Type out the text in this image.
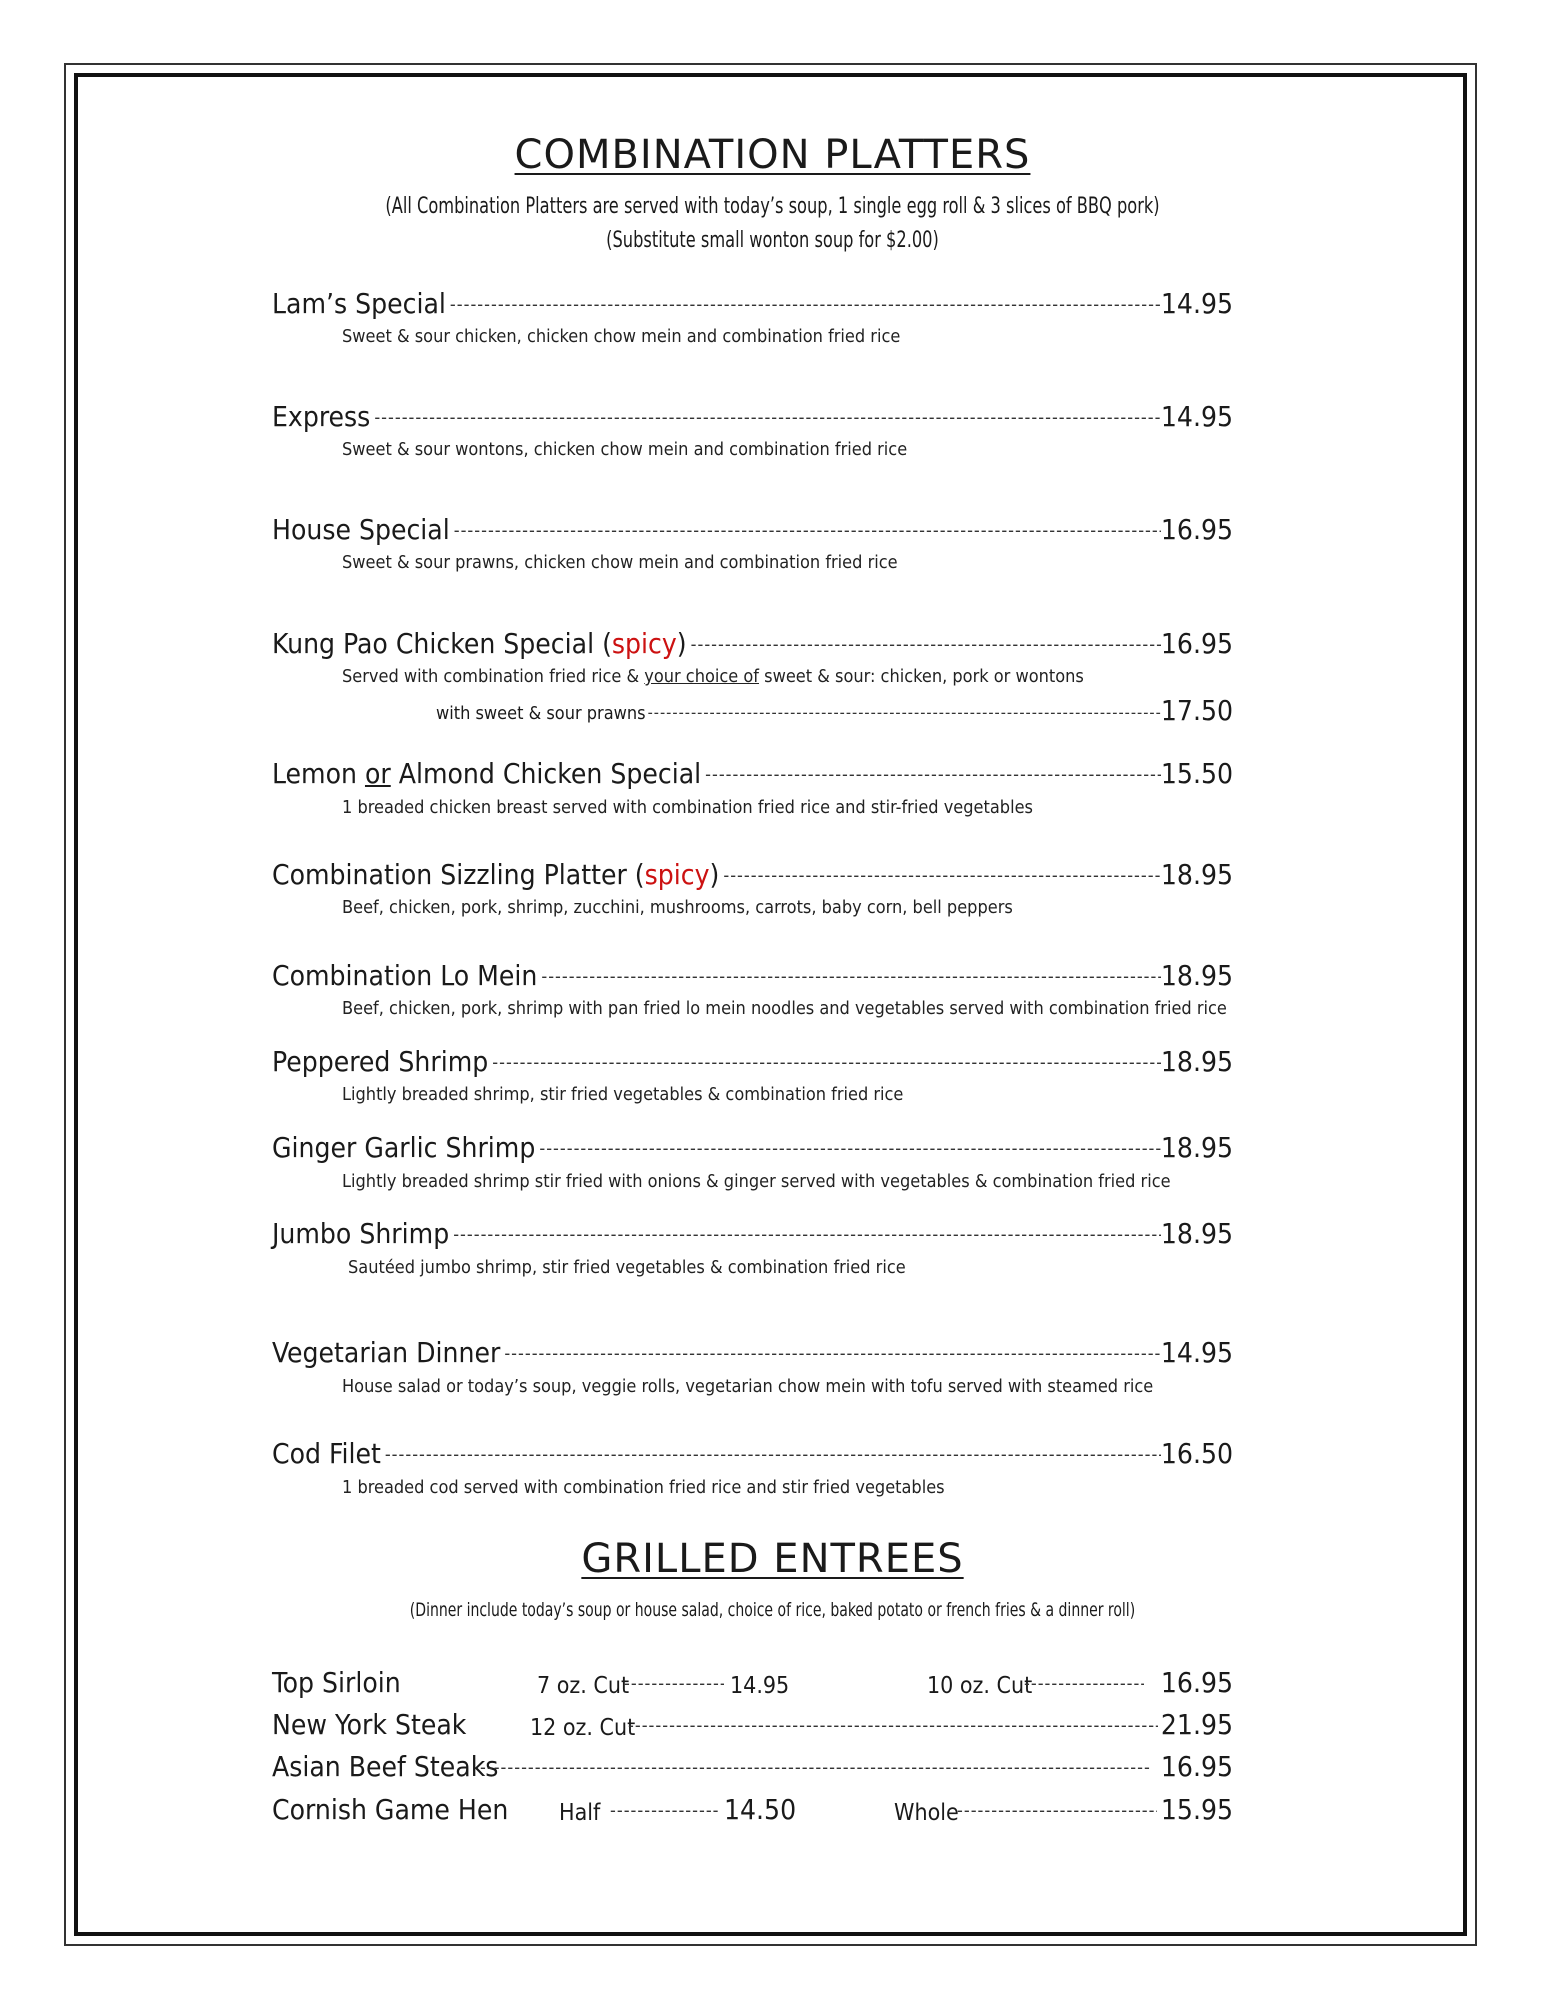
COMBINATION PLATTERS
(All Combination Platters are served with today’s soup, 1 single egg roll & 3 slices of BBQ pork)
(Substitute small wonton soup for $2.00)
Lam’s Special -----	14.95
Sweet & sour chicken, chicken chow mein and combination fried rice
Express -----	14.95
Sweet & sour wontons, chicken chow mein and combination fried rice
House Special -----	16.95
Sweet & sour prawns, chicken chow mein and combination fried rice
Kung Pao Chicken Special (spicy) -----	16.95
Served with combination fried rice & your choice of sweet & sour: chicken, pork or wontons
with sweet & sour prawns -----	17.50
Lemon or Almond Chicken Special -----	15.50
1 breaded chicken breast served with combination fried rice and stir-fried vegetables
Combination Sizzling Platter (spicy) -----	18.95
Beef, chicken, pork, shrimp, zucchini, mushrooms, carrots, baby corn, bell peppers
Combination Lo Mein -----	18.95
Beef, chicken, pork, shrimp with pan fried lo mein noodles and vegetables served with combination fried rice
Peppered Shrimp -----	18.95
Lightly breaded shrimp, stir fried vegetables & combination fried rice
Ginger Garlic Shrimp -----	18.95
Lightly breaded shrimp stir fried with onions & ginger served with vegetables & combination fried rice
Jumbo Shrimp -----	18.95
Sautéed jumbo shrimp, stir fried vegetables & combination fried rice
Vegetarian Dinner -----	14.95
House salad or today’s soup, veggie rolls, vegetarian chow mein with tofu served with steamed rice
Cod Filet -----	16.50
1 breaded cod served with combination fried rice and stir fried vegetables
GRILLED ENTREES
(Dinner include today’s soup or house salad, choice of rice, baked potato or french fries & a dinner roll)
Top Sirloin	7 oz. Cut -----	14.95	10 oz. Cut -----	16.95
New York Steak	12 oz. Cut -----	21.95
Asian Beef Steaks -----	16.95
Cornish Game Hen Half -----	14.50	Whole -----	15.95
